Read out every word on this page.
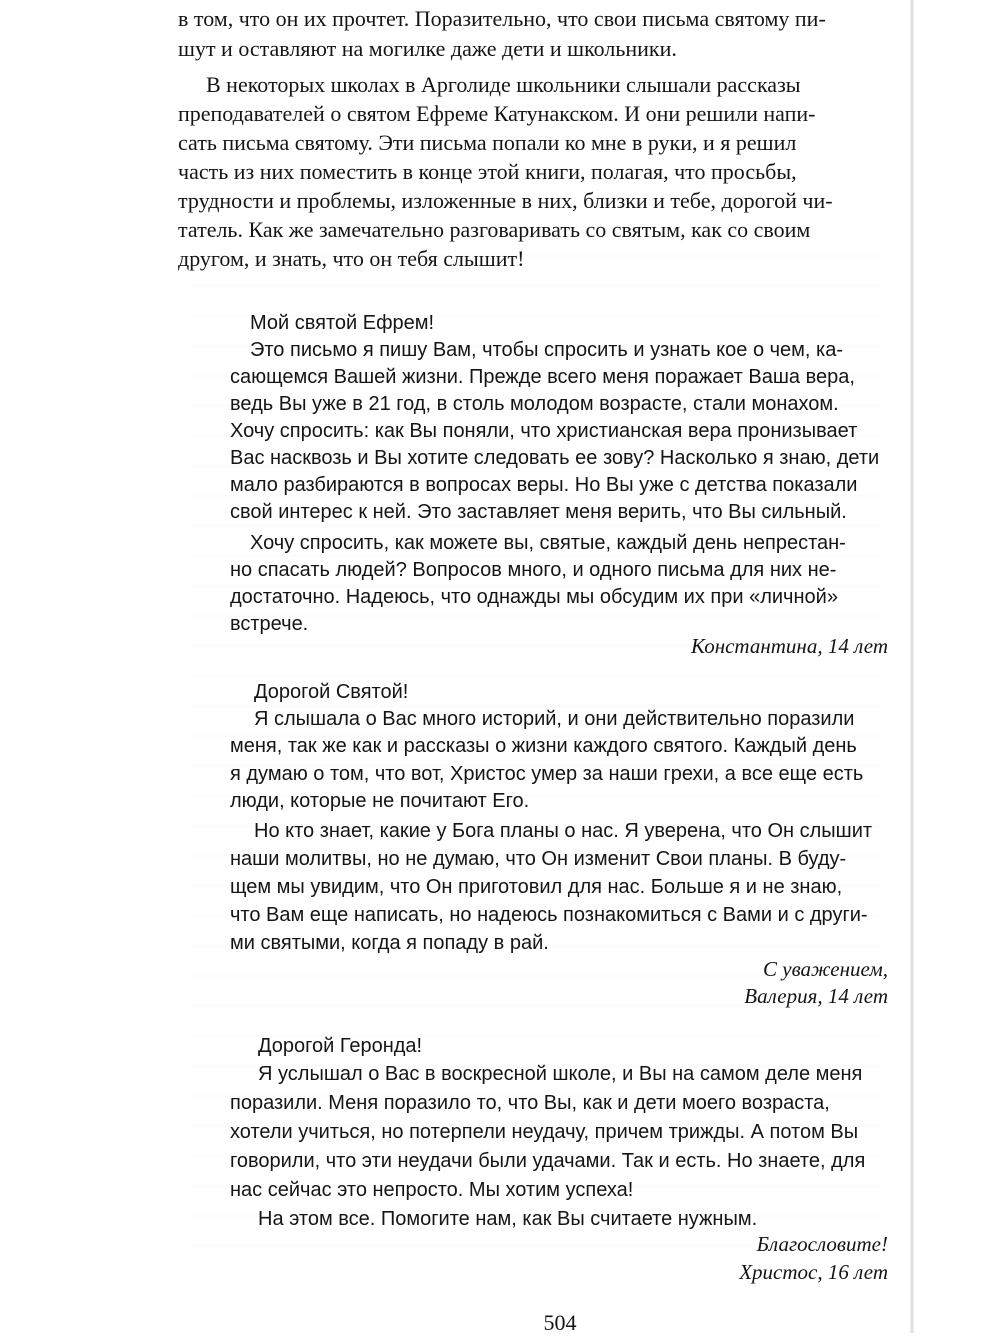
в том, что он их прочтет. Поразительно, что свои письма святому пи-
шут и оставляют на могилке даже дети и школьники.
В некоторых школах в Арголиде школьники слышали рассказы
преподавателей о святом Ефреме Катунакском. И они решили напи-
сать письма святому. Эти письма попали ко мне в руки, и я решил
часть из них поместить в конце этой книги, полагая, что просьбы,
трудности и проблемы, изложенные в них, близки и тебе, дорогой чи-
татель. Как же замечательно разговаривать со святым, как со своим
другом, и знать, что он тебя слышит!
Мой святой Ефрем!
Это письмо я пишу Вам, чтобы спросить и узнать кое о чем, ка-
сающемся Вашей жизни. Прежде всего меня поражает Ваша вера,
ведь Вы уже в 21 год, в столь молодом возрасте, стали монахом.
Хочу спросить: как Вы поняли, что христианская вера пронизывает
Вас насквозь и Вы хотите следовать ее зову? Насколько я знаю, дети
мало разбираются в вопросах веры. Но Вы уже с детства показали
свой интерес к ней. Это заставляет меня верить, что Вы сильный.
Хочу спросить, как можете вы, святые, каждый день непрестан-
но спасать людей? Вопросов много, и одного письма для них не-
достаточно. Надеюсь, что однажды мы обсудим их при «личной»
встрече.
Константина, 14 лет
Дорогой Святой!
Я слышала о Вас много историй, и они действительно поразили
меня, так же как и рассказы о жизни каждого святого. Каждый день
я думаю о том, что вот, Христос умер за наши грехи, а все еще есть
люди, которые не почитают Его.
Но кто знает, какие у Бога планы о нас. Я уверена, что Он слышит
наши молитвы, но не думаю, что Он изменит Свои планы. В буду-
щем мы увидим, что Он приготовил для нас. Больше я и не знаю,
что Вам еще написать, но надеюсь познакомиться с Вами и с други-
ми святыми, когда я попаду в рай.
С уважением,
Валерия, 14 лет
Дорогой Геронда!
Я услышал о Вас в воскресной школе, и Вы на самом деле меня
поразили. Меня поразило то, что Вы, как и дети моего возраста,
хотели учиться, но потерпели неудачу, причем трижды. А потом Вы
говорили, что эти неудачи были удачами. Так и есть. Но знаете, для
нас сейчас это непросто. Мы хотим успеха!
На этом все. Помогите нам, как Вы считаете нужным.
Благословите!
Христос, 16 лет
504
